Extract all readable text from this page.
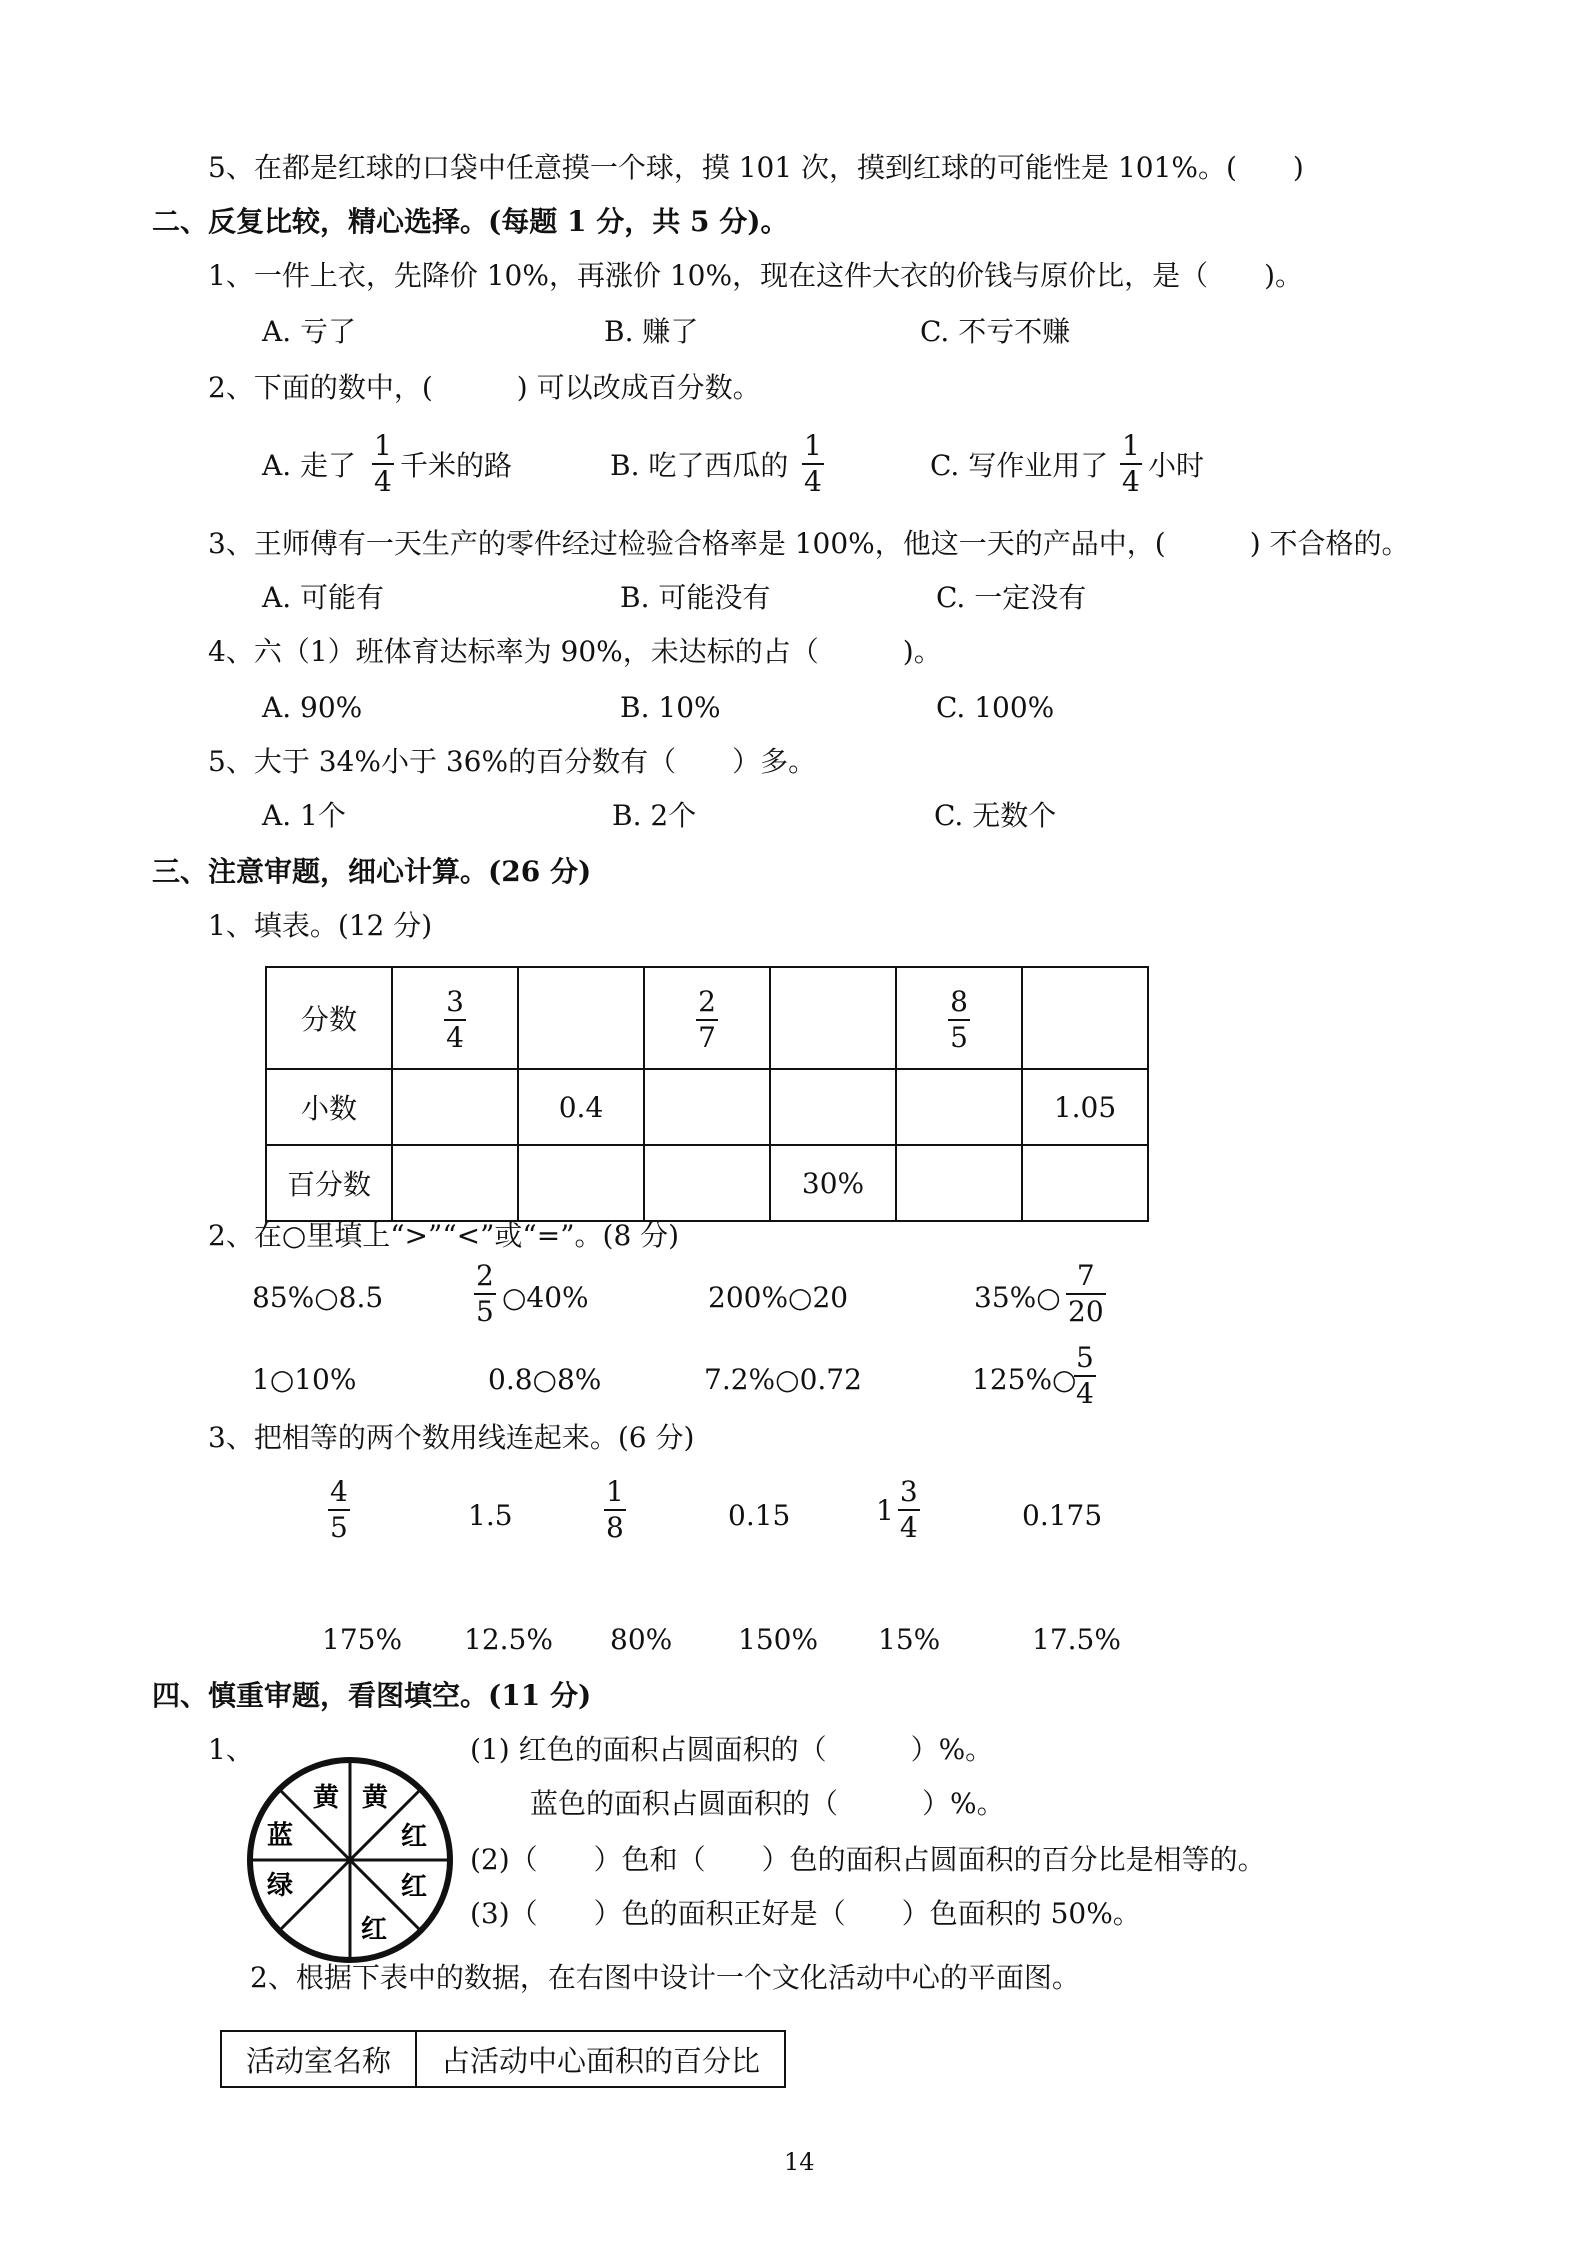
5、在都是红球的口袋中任意摸一个球，摸 101 次，摸到红球的可能性是 101%。(　　)
二、反复比较，精心选择。(每题 1 分，共 5 分)。
1、一件上衣，先降价 10%，再涨价 10%，现在这件大衣的价钱与原价比，是（　　)。
A. 亏了	B. 赚了	C. 不亏不赚
2、下面的数中，(　　　) 可以改成百分数。
A. 走了
1
4 千米的路	B. 吃了西瓜的
1
4	C. 写作业用了
1
4 小时
3、王师傅有一天生产的零件经过检验合格率是 100%，他这一天的产品中，(　　　) 不合格的。
A. 可能有	B. 可能没有	C. 一定没有
4、六（1）班体育达标率为 90%，未达标的占（　　　)。
A. 90%	B. 10%	C. 100%
5、大于 34%小于 36%的百分数有（　　）多。
A. 1个	B. 2个	C. 无数个
三、注意审题，细心计算。(26 分)
1、填表。(12 分)
分数	$\frac{3}{4}$		$\frac{2}{7}$		$\frac{8}{5}$

小数		0.4				1.05
百分数				30%		
2、在○里填上“>”“<”或“=”。(8 分)
85%○8.5
2
5 ○40%	200%○20	35%○
7
20
1○10%	0.8○8%	7.2%○0.72	125%○
5
4
3、把相等的两个数用线连起来。(6 分)
4
5	1.5
1
8	0.15	$1 \frac{3}{4}$	0.175
175% 12.5% 80% 150% 15%	17.5%
四、慎重审题，看图填空。(11 分)
1、
黄 黄
红
红
红
绿
蓝
(1) 红色的面积占圆面积的（　　　）%。
蓝色的面积占圆面积的（　　　）%。
(2)（　　）色和（　　）色的面积占圆面积的百分比是相等的。
(3)（　　）色的面积正好是（　　）色面积的 50%。
2、根据下表中的数据，在右图中设计一个文化活动中心的平面图。
活动室名称	占活动中心面积的百分比
14
